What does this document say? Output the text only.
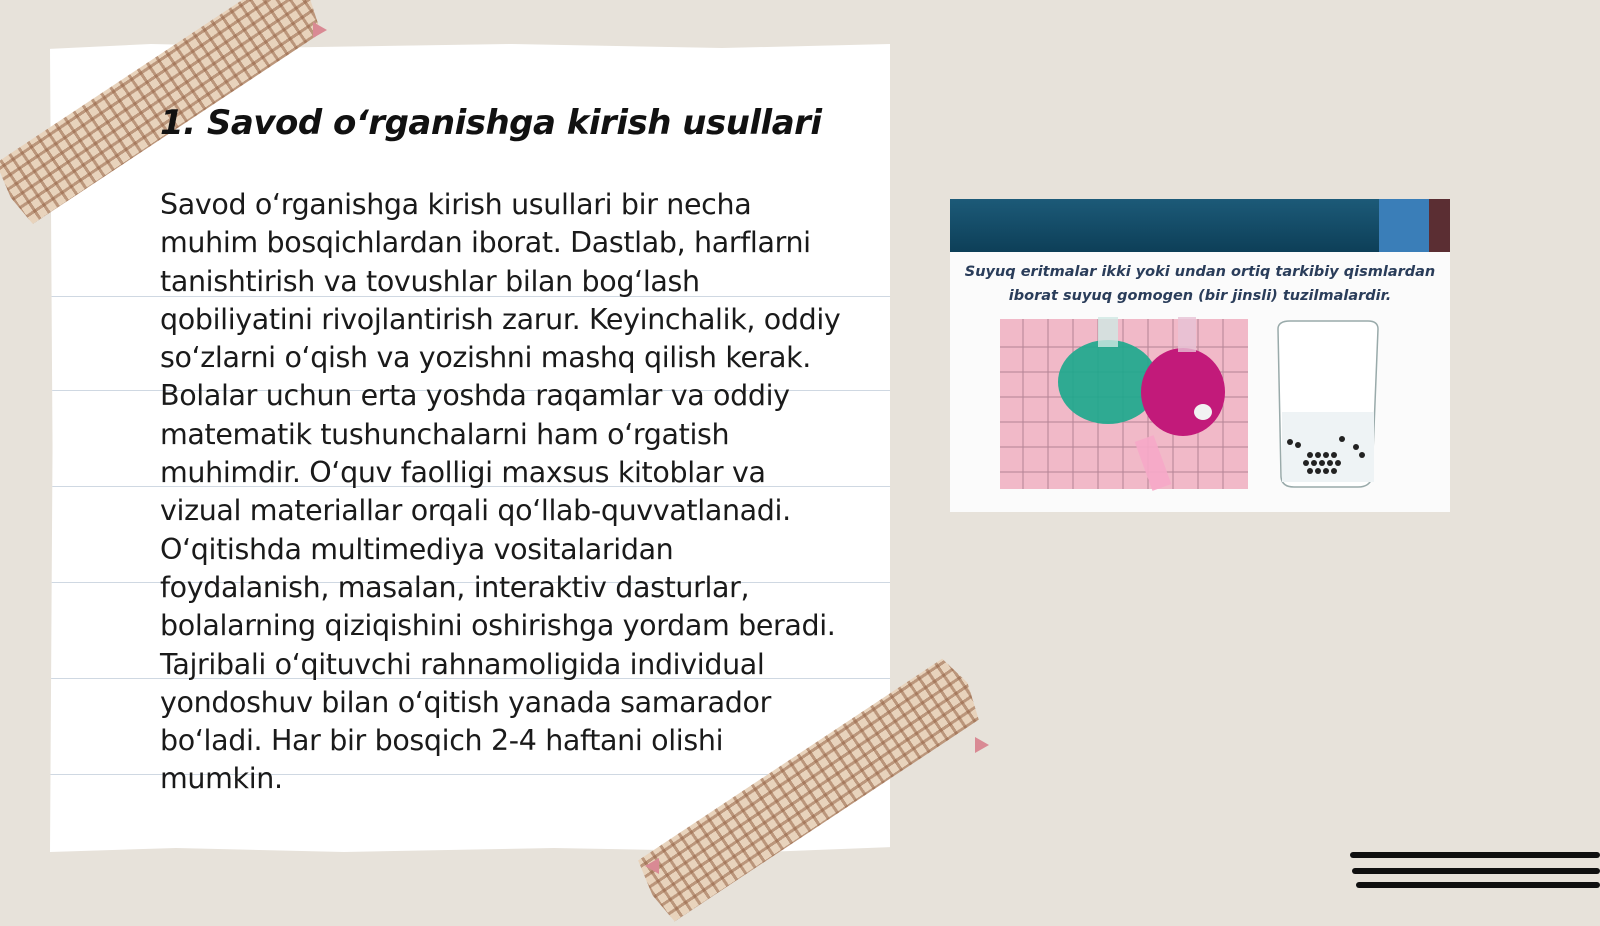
1. Savod o‘rganishga kirish usullari

Savod o‘rganishga kirish usullari bir necha muhim bosqichlardan iborat. Dastlab, harflarni tanishtirish va tovushlar bilan bog‘lash qobiliyatini rivojlantirish zarur. Keyinchalik, oddiy so‘zlarni o‘qish va yozishni mashq qilish kerak. Bolalar uchun erta yoshda raqamlar va oddiy matematik tushunchalarni ham o‘rgatish muhimdir. O‘quv faolligi maxsus kitoblar va vizual materiallar orqali qo‘llab-quvvatlanadi. O‘qitishda multimediya vositalaridan foydalanish, masalan, interaktiv dasturlar, bolalarning qiziqishini oshirishga yordam beradi. Tajribali o‘qituvchi rahnamoligida individual yondoshuv bilan o‘qitish yanada samarador bo‘ladi. Har bir bosqich 2-4 haftani olishi mumkin.

Suyuq eritmalar ikki yoki undan ortiq tarkibiy qismlardan iborat suyuq gomogen (bir jinsli) tuzilmalardir.
